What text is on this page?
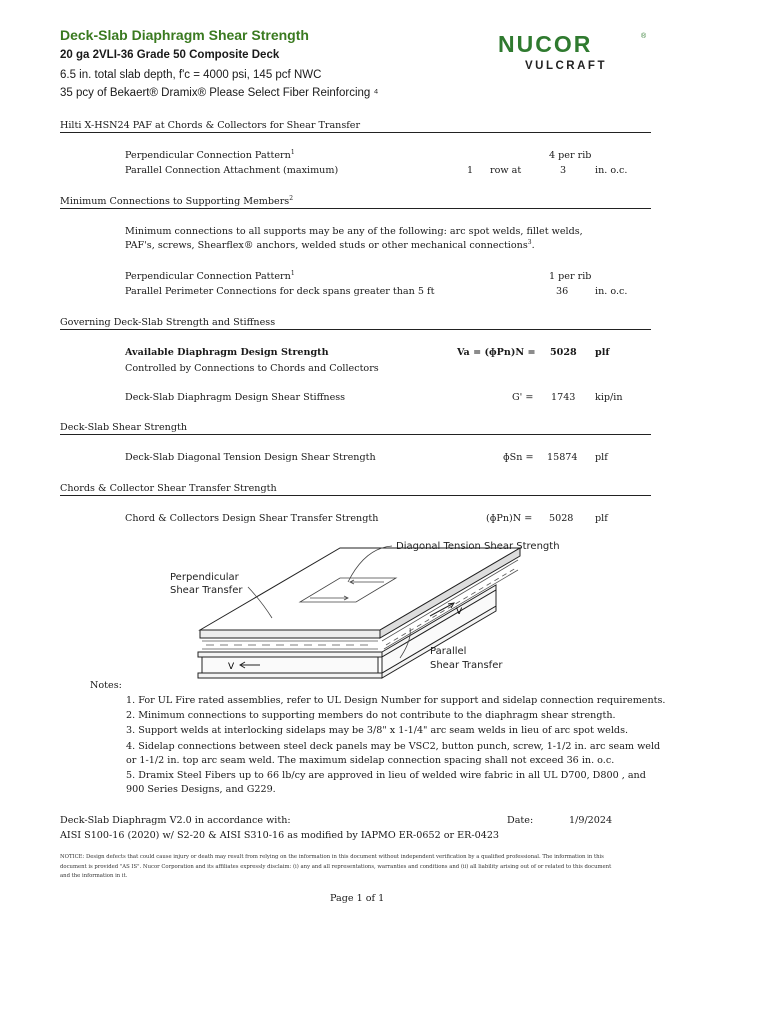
Deck-Slab Diaphragm Shear Strength
20 ga 2VLI-36 Grade 50 Composite Deck
6.5 in. total slab depth, f'c = 4000 psi, 145 pcf NWC
35 pcy of Bekaert® Dramix® Please Select Fiber Reinforcing ⁴
NUCOR	®
VULCRAFT
Hilti X-HSN24 PAF at Chords & Collectors for Shear Transfer
Perpendicular Connection Pattern$^1$	4 per rib
Parallel Connection Attachment (maximum)	1 row at	3	in. o.c.
Minimum Connections to Supporting Members$^2$
Minimum connections to all supports may be any of the following: arc spot welds, fillet welds,
PAF's, screws, Shearflex® anchors, welded studs or other mechanical connections$^3$.
Perpendicular Connection Pattern$^1$	1 per rib
Parallel Perimeter Connections for deck spans greater than 5 ft	36	in. o.c.
Governing Deck-Slab Strength and Stiffness
Available Diaphragm Design Strength	Va = (ɸPn)N = 5028 plf
Controlled by Connections to Chords and Collectors
Deck-Slab Diaphragm Design Shear Stiffness	G' = 1743 kip/in
Deck-Slab Shear Strength
Deck-Slab Diagonal Tension Design Shear Strength	ɸSn = 15874 plf
Chords & Collector Shear Transfer Strength
Chord & Collectors Design Shear Transfer Strength	(ɸPn)N = 5028 plf
V
V
Diagonal Tension Shear Strength
Perpendicular
Shear Transfer
Parallel
Shear Transfer
Notes:
1. For UL Fire rated assemblies, refer to UL Design Number for support and sidelap connection requirements.
2. Minimum connections to supporting members do not contribute to the diaphragm shear strength.
3. Support welds at interlocking sidelaps may be 3/8" x 1-1/4" arc seam welds in lieu of arc spot welds.
4. Sidelap connections between steel deck panels may be VSC2, button punch, screw, 1-1/2 in. arc seam weld
or 1-1/2 in. top arc seam weld. The maximum sidelap connection spacing shall not exceed 36 in. o.c.
5. Dramix Steel Fibers up to 66 lb/cy are approved in lieu of welded wire fabric in all UL D700, D800 , and
900 Series Designs, and G229.
Deck-Slab Diaphragm V2.0 in accordance with:	Date:	1/9/2024
AISI S100-16 (2020) w/ S2-20 & AISI S310-16 as modified by IAPMO ER-0652 or ER-0423
NOTICE: Design defects that could cause injury or death may result from relying on the information in this document without independent verification by a qualified professional. The information in this
document is provided "AS IS". Nucor Corporation and its affiliates expressly disclaim: (i) any and all representations, warranties and conditions and (ii) all liability arising out of or related to this document
and the information in it.
Page 1 of 1
